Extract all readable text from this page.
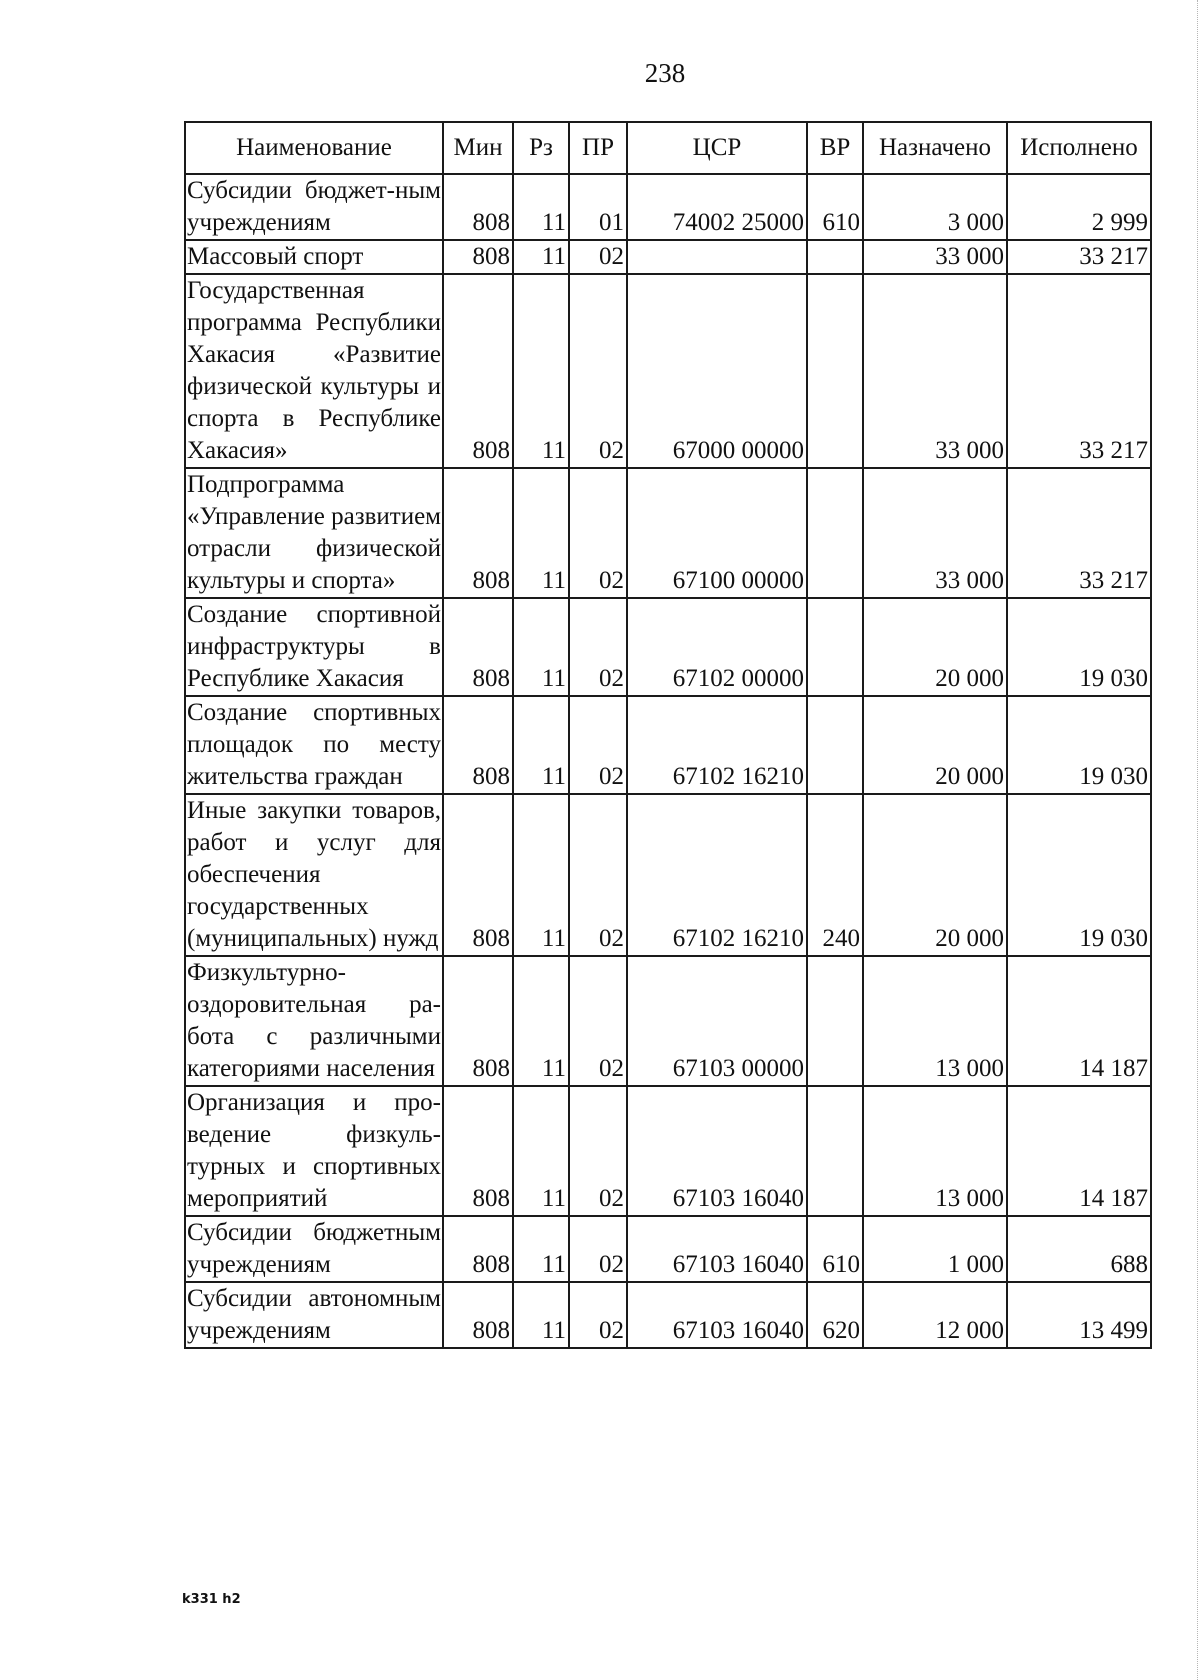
238
Наименование	Мин	Рз	ПР	ЦСР	ВР	Назначено	Исполнено
Субсидии бюджет-ным учреждениям	808	11	01	74002 25000	610	3 000	2 999
Массовый спорт	808	11	02			33 000	33 217
Государственная программа Республики Хакасия «Развитие физической культуры и спорта в Республике Хакасия»	808	11	02	67000 00000		33 000	33 217
Подпрограмма «Управление развитием отрасли физической культуры и спорта»	808	11	02	67100 00000		33 000	33 217
Создание спортивной инфраструктуры в Республике Хакасия	808	11	02	67102 00000		20 000	19 030
Создание спортивных площадок по месту жительства граждан	808	11	02	67102 16210		20 000	19 030
Иные закупки товаров, работ и услуг для обеспечения государственных (муниципальных) нужд	808	11	02	67102 16210	240	20 000	19 030
Физкультурно-оздоровительная работа с различными категориями населения	808	11	02	67103 00000		13 000	14 187
Организация и проведение физкультурных и спортивных мероприятий	808	11	02	67103 16040		13 000	14 187
Субсидии бюджетным учреждениям	808	11	02	67103 16040	610	1 000	688
Субсидии автономным учреждениям	808	11	02	67103 16040	620	12 000	13 499
k331 h2
